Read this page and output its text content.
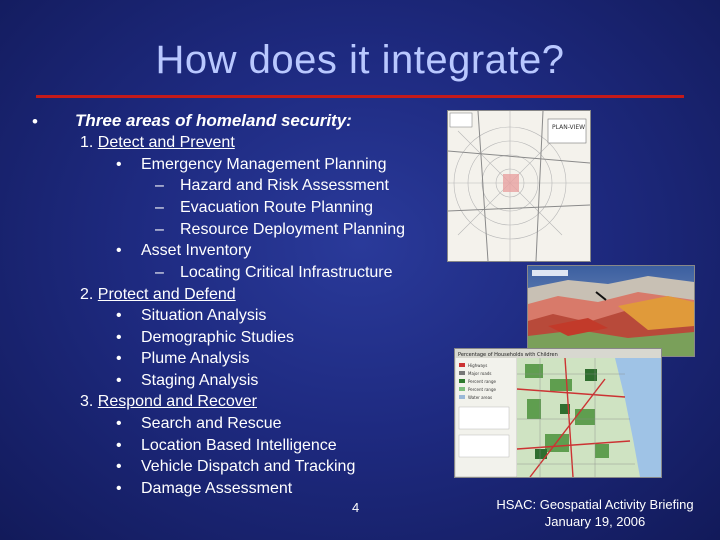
How does it integrate?
• Three areas of homeland security:
1. Detect and Prevent
• Emergency Management Planning
– Hazard and Risk Assessment
– Evacuation Route Planning
– Resource Deployment Planning
• Asset Inventory
– Locating Critical Infrastructure
2. Protect and Defend
• Situation Analysis
• Demographic Studies
• Plume Analysis
• Staging Analysis
3. Respond and Recover
• Search and Rescue
• Location Based Intelligence
• Vehicle Dispatch and Tracking
• Damage Assessment
PLAN-VIEW
Percentage of Households with Children
Highways
Major roads
Percent range
Percent range
Water areas
4	HSAC: Geospatial Activity Briefing
January 19, 2006
